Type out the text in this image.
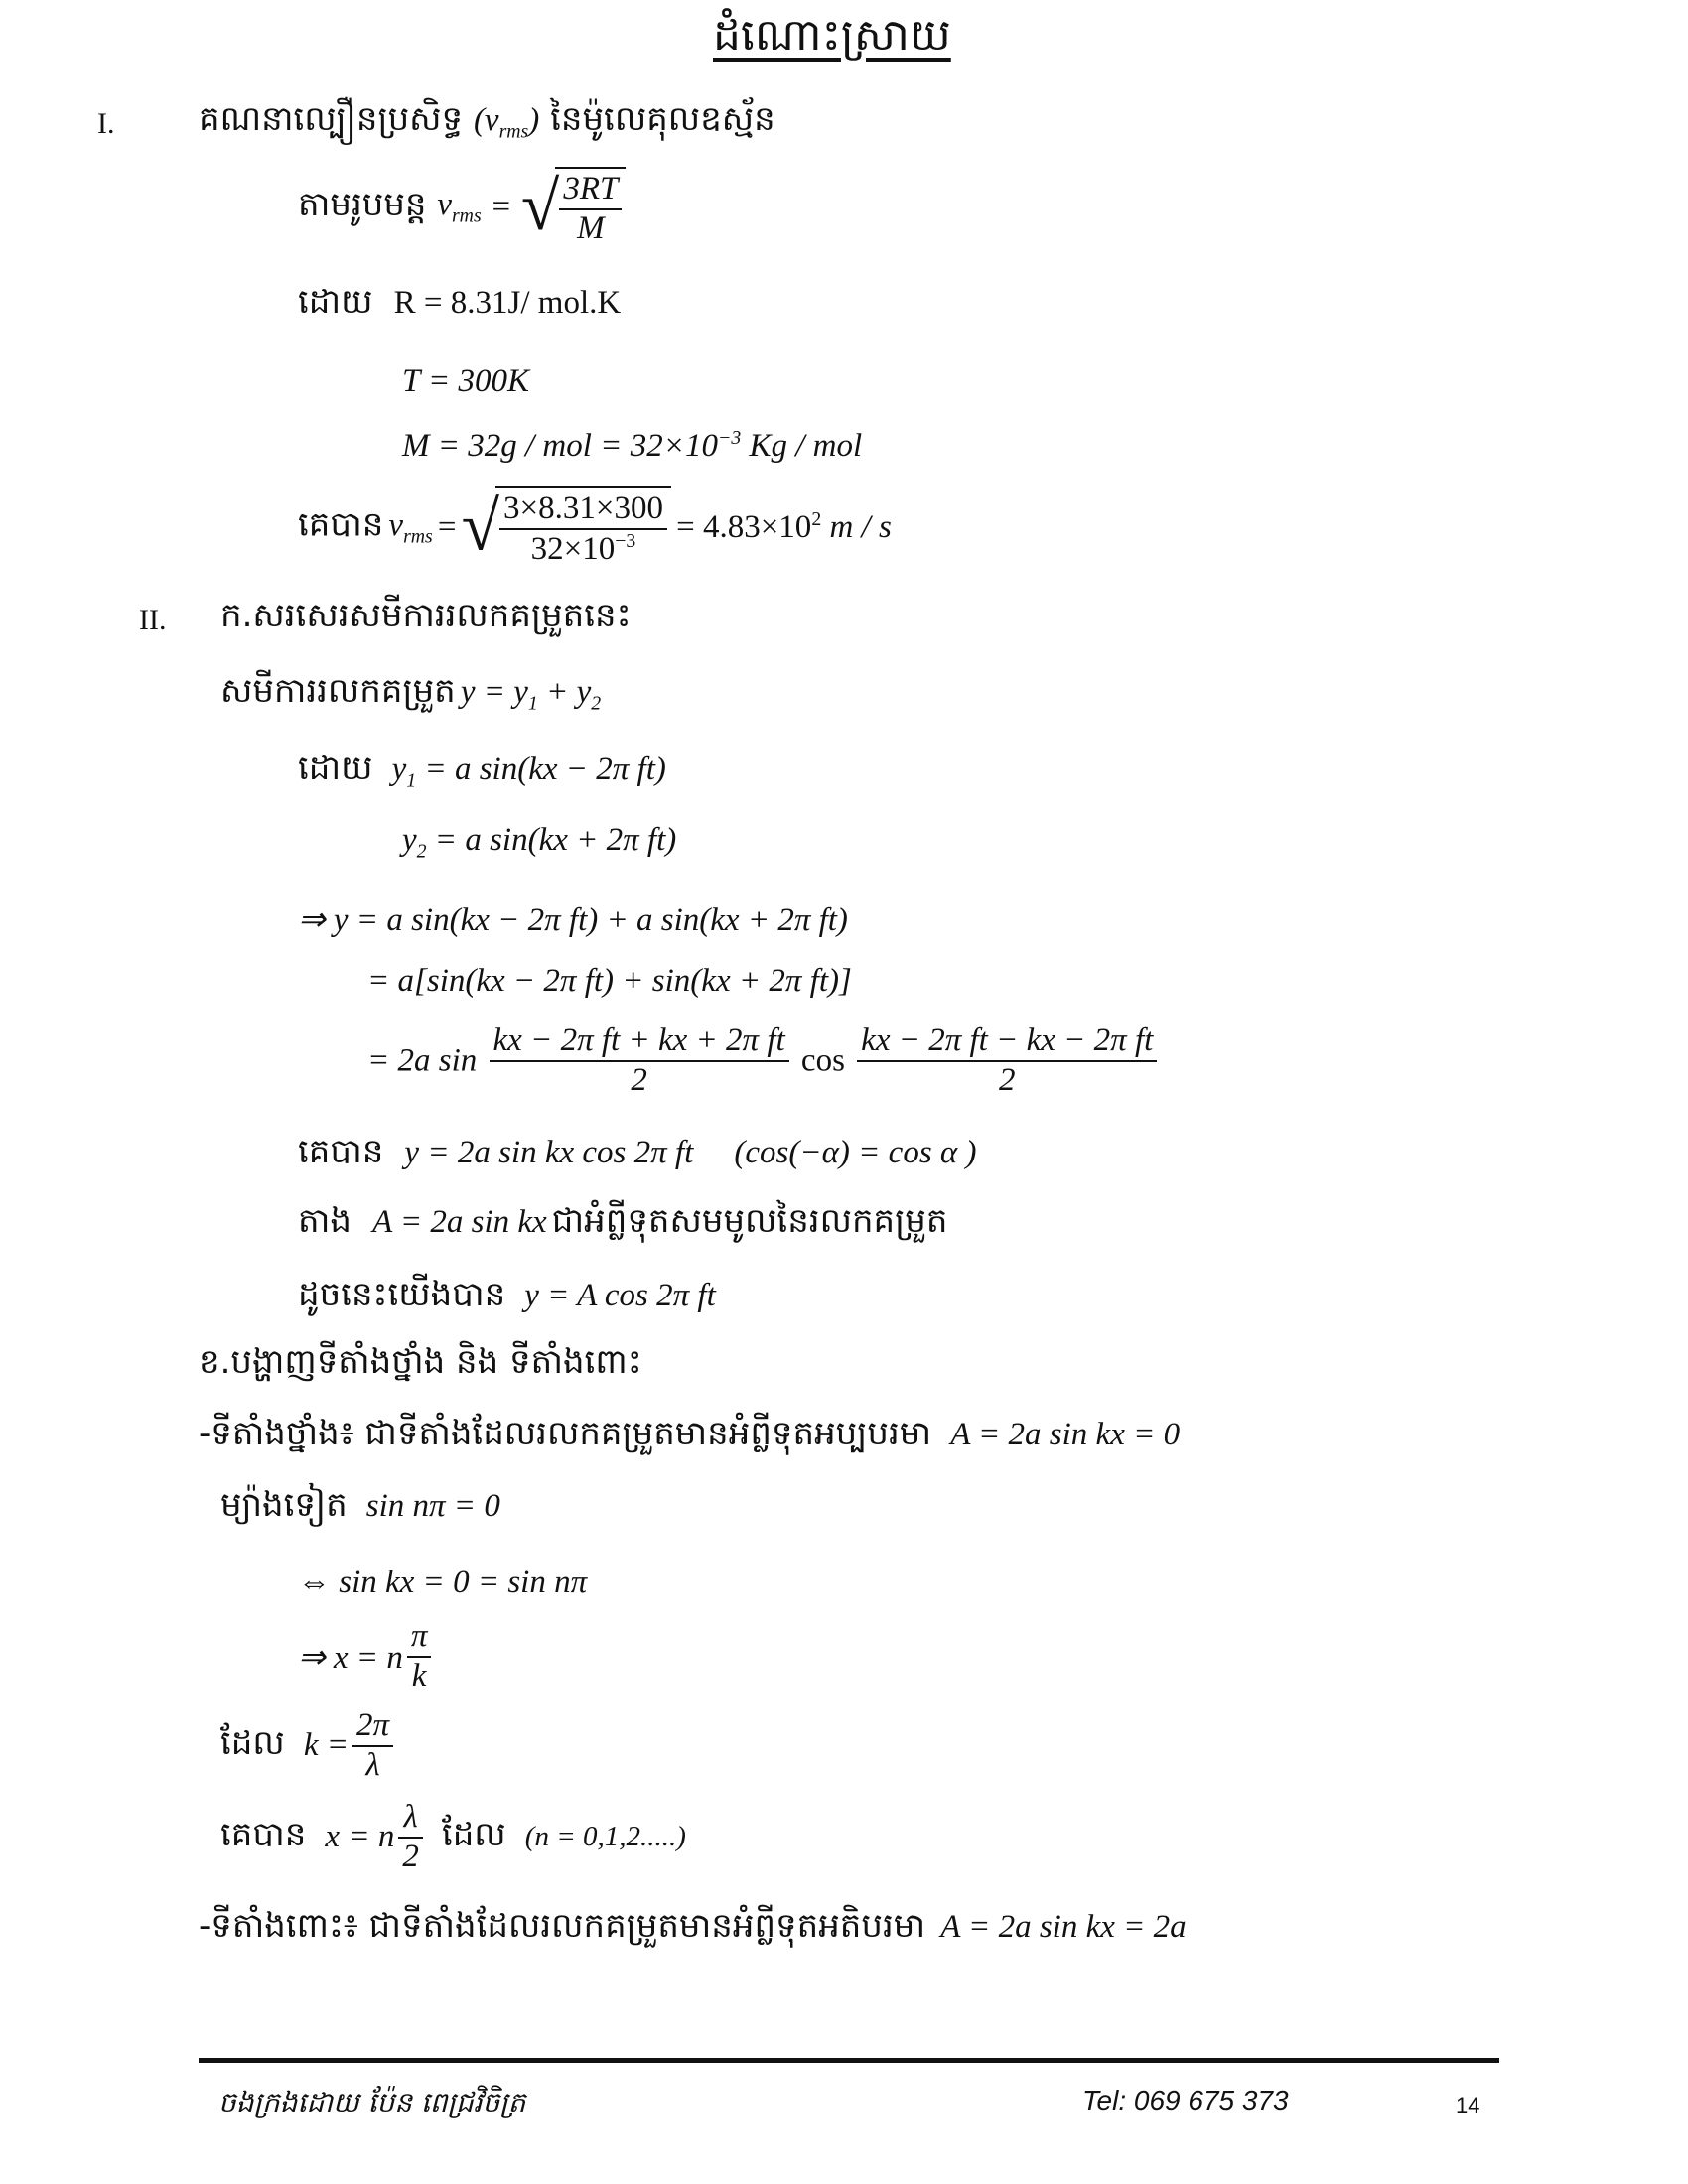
ដំណោះស្រាយ
I. គណនាល្បឿនប្រសិទ្ធ $(v_{rms})$ នៃម៉ូលេគុលឧស្ម័ន
តាមរូបមន្ត $v_{rms}$ = √ $\frac{3RT}{M}$
ដោយ R = 8.31J/ mol.K
T = 300K
M = 32g / mol = $32\times 10^{-3}$ Kg / mol
គេបាន $v_{rms}$ = √ $\frac{3\times 8.31\times 300}{32\times 10^{-3}} = 4.83\times 10^2$ m / s
II. ក.សរសេរសមីការរលកគម្រួតនេះ
សមីការរលកគម្រួត $y = y_1 + y_2$
ដោយ $y_1 = a$ sin(kx − 2π ft)
$y_2 = a$ sin(kx + 2π ft)
⇒ y = a sin(kx − 2π ft) + a sin(kx + 2π ft)
= a[sin(kx − 2π ft) + sin(kx + 2π ft)]
= 2a $\sin \frac{\text{kx − 2π ft + kx + 2π ft}}{2}$ $\cos \frac{\text{kx − 2π ft − kx − 2π ft}}{2}$
គេបាន y = 2a sin kx cos 2π ft (cos(−α) = cos α )
តាង A = 2a sin kx ជាអំព្លីទុតសមមូលនៃរលកគម្រួត
ដូចនេះយើងបាន y = A cos 2π ft
ខ.បង្ហាញទីតាំងថ្នាំង និង ទីតាំងពោះ
-ទីតាំងថ្នាំង៖ ជាទីតាំងដែលរលកគម្រួតមានអំព្លីទុតអប្បបរមា A = 2a sin kx = 0
ម្យ៉ាងទៀត sin nπ = 0
⇔ sin kx = 0 = sin nπ
⇒ x = n $\frac{\pi}{k}$
ដែល $k = \frac{2\pi}{\lambda}$
គេបាន x = n $\frac{\lambda}{2}$ ដែល (n = 0,1,2.....)
-ទីតាំងពោះ៖ ជាទីតាំងដែលរលកគម្រួតមានអំព្លីទុតអតិបរមា A = 2a sin kx = 2a
ចងក្រងដោយ ប៉ែន ពេជ្រវិចិត្រ	Tel: 069 675 373	14
